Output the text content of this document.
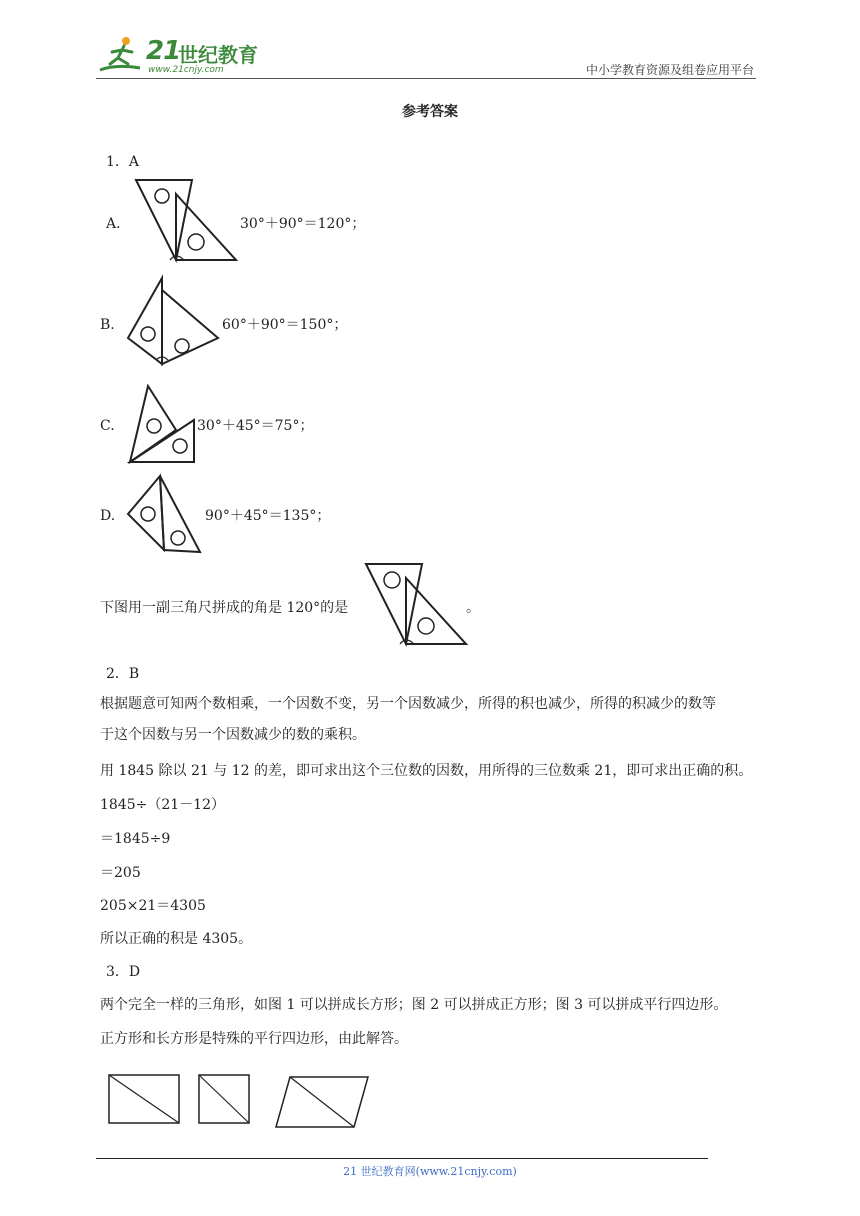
21
世纪教育
www.21cnjy.com	中小学教育资源及组卷应用平台
参考答案
1．A
A．	30°＋90°＝120°；
B.	60°＋90°＝150°；
C.	30°＋45°＝75°；
D.	90°＋45°＝135°；
下图用一副三角尺拼成的角是 120°的是	。
2．B
根据题意可知两个数相乘，一个因数不变，另一个因数减少，所得的积也减少，所得的积减少的数等
于这个因数与另一个因数减少的数的乘积。
用 1845 除以 21 与 12 的差，即可求出这个三位数的因数，用所得的三位数乘 21，即可求出正确的积。
1845÷（21－12）
＝1845÷9
＝205
205×21＝4305
所以正确的积是 4305。
3．D
两个完全一样的三角形，如图 1 可以拼成长方形；图 2 可以拼成正方形；图 3 可以拼成平行四边形。
正方形和长方形是特殊的平行四边形，由此解答。
21 世纪教育网(www.21cnjy.com)
